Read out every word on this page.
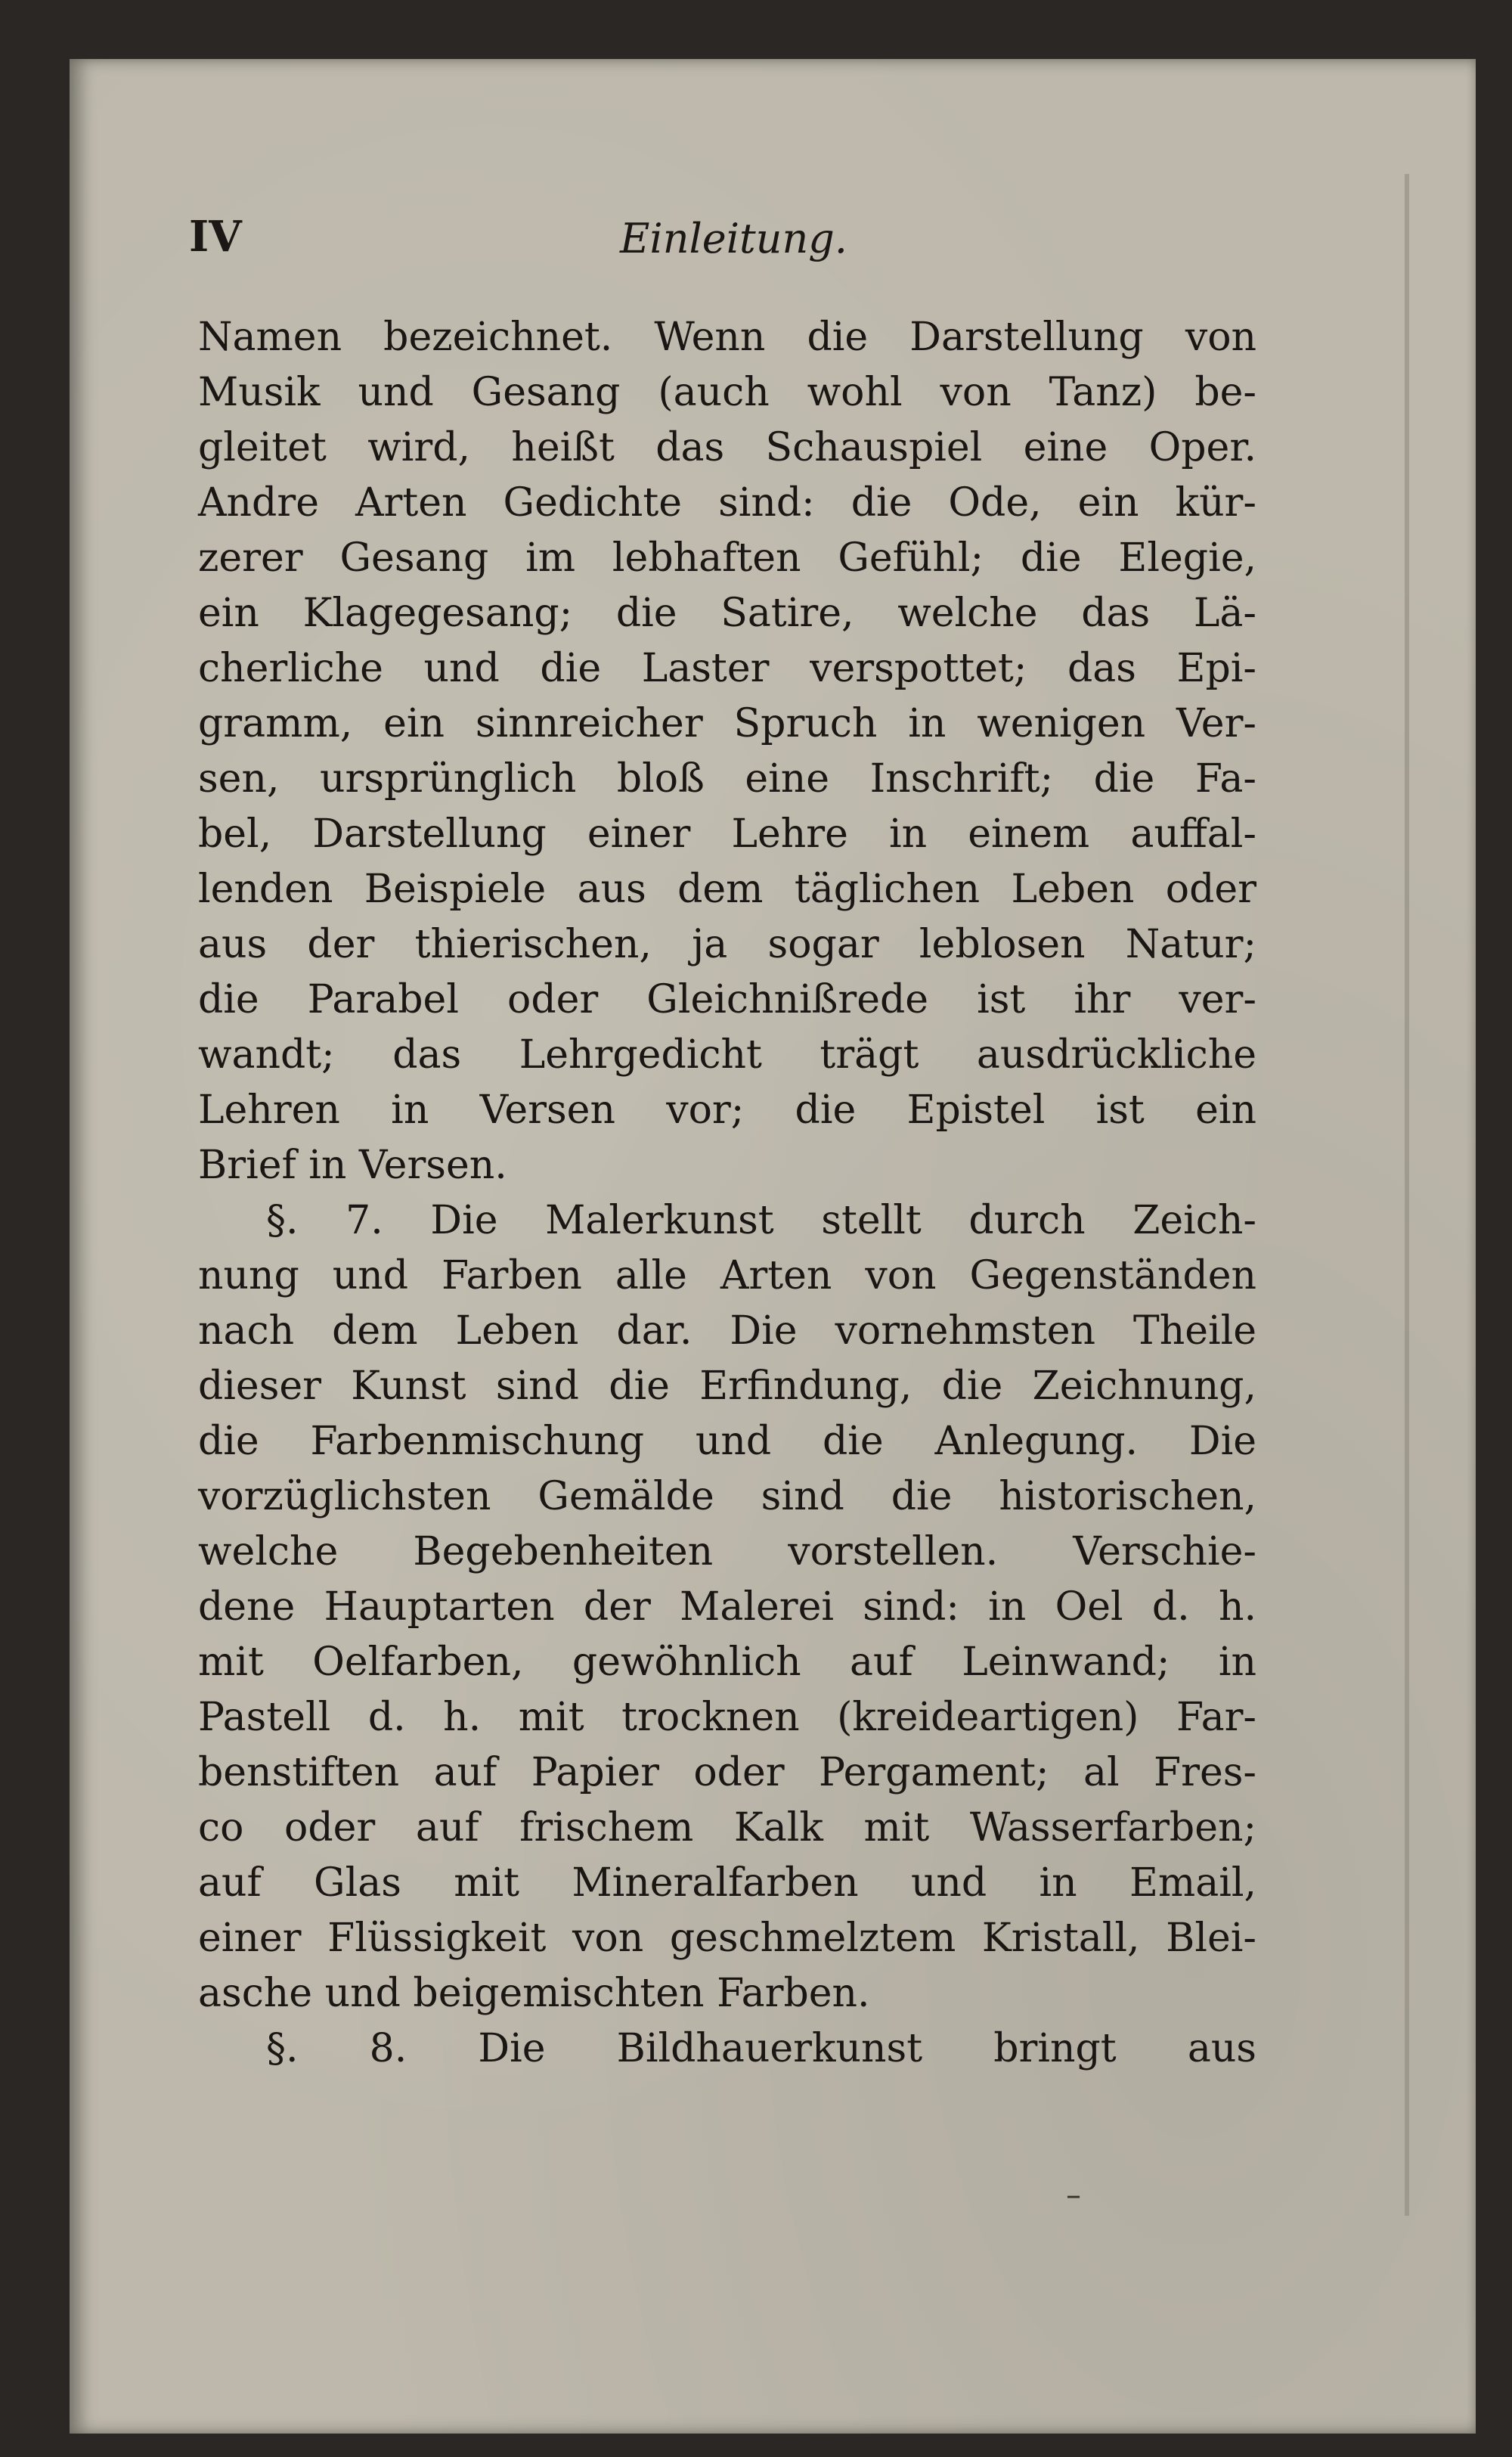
IV	Einleitung.
Namen bezeichnet. Wenn die Darstellung von
Musik und Gesang (auch wohl von Tanz) be-
gleitet wird, heißt das Schauspiel eine Oper.
Andre Arten Gedichte sind: die Ode, ein kür-
zerer Gesang im lebhaften Gefühl; die Elegie,
ein Klagegesang; die Satire, welche das Lä-
cherliche und die Laster verspottet; das Epi-
gramm, ein sinnreicher Spruch in wenigen Ver-
sen, ursprünglich bloß eine Inschrift; die Fa-
bel, Darstellung einer Lehre in einem auffal-
lenden Beispiele aus dem täglichen Leben oder
aus der thierischen, ja sogar leblosen Natur;
die Parabel oder Gleichnißrede ist ihr ver-
wandt; das Lehrgedicht trägt ausdrückliche
Lehren in Versen vor; die Epistel ist ein
Brief in Versen.
§. 7. Die Malerkunst stellt durch Zeich-
nung und Farben alle Arten von Gegenständen
nach dem Leben dar. Die vornehmsten Theile
dieser Kunst sind die Erfindung, die Zeichnung,
die Farbenmischung und die Anlegung. Die
vorzüglichsten Gemälde sind die historischen,
welche Begebenheiten vorstellen. Verschie-
dene Hauptarten der Malerei sind: in Oel d. h.
mit Oelfarben, gewöhnlich auf Leinwand; in
Pastell d. h. mit trocknen (kreideartigen) Far-
benstiften auf Papier oder Pergament; al Fres-
co oder auf frischem Kalk mit Wasserfarben;
auf Glas mit Mineralfarben und in Email,
einer Flüssigkeit von geschmelztem Kristall, Blei-
asche und beigemischten Farben.
§. 8. Die Bildhauerkunst bringt aus
–
